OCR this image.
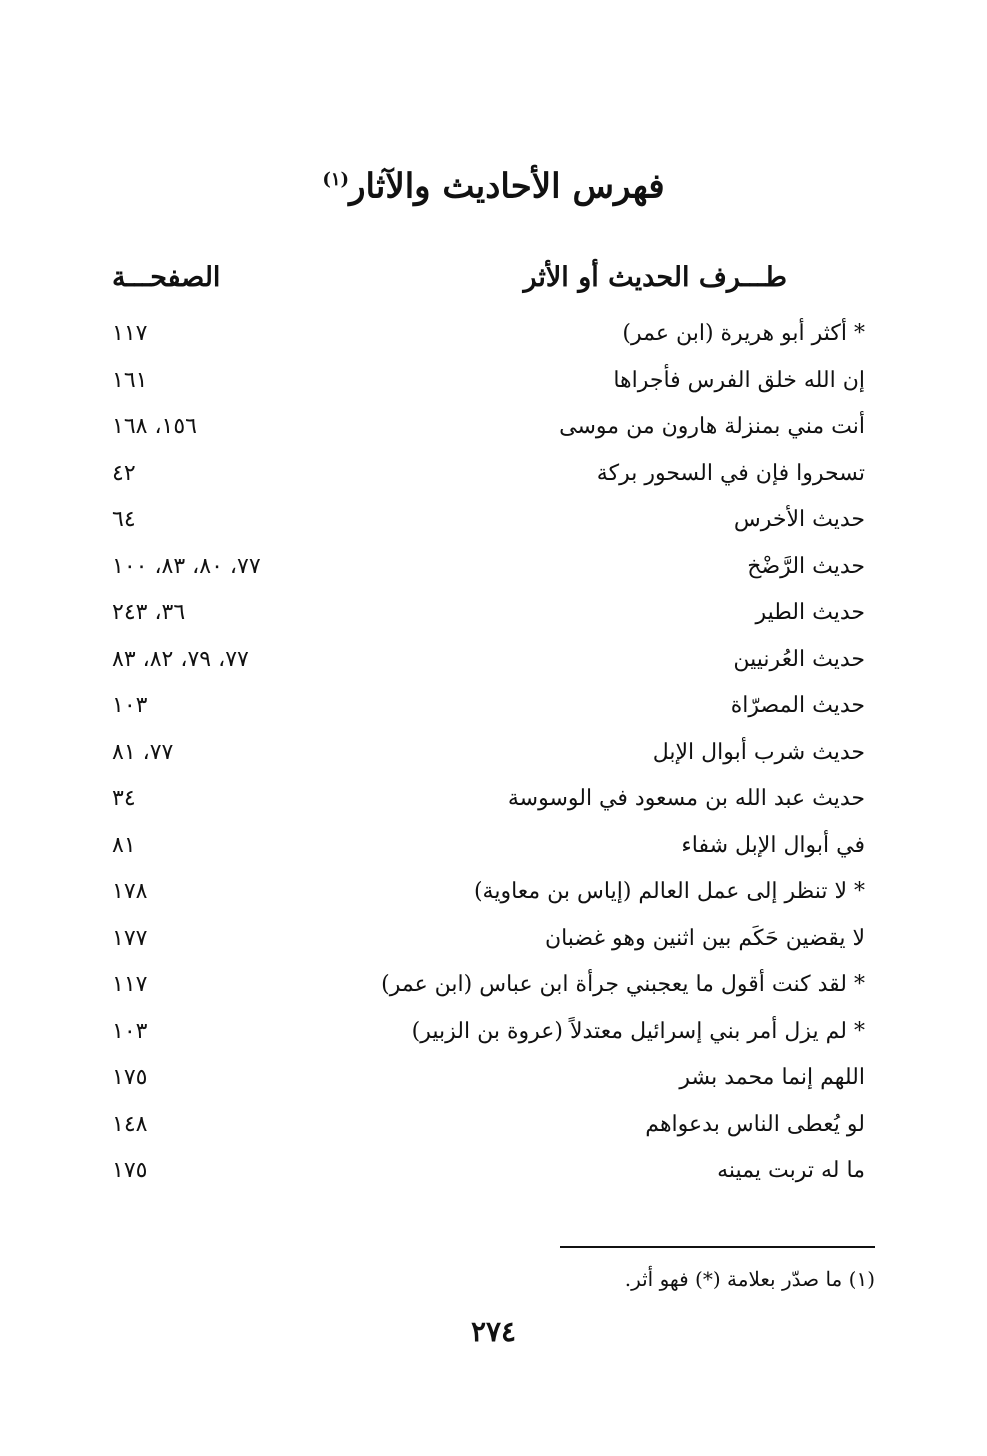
فهرس الأحاديث والآثار$^{(١)}$
طـــرف الحديث أو الأثر
الصفحـــة
* أكثر أبو هريرة (ابن عمر)
١١٧
إن الله خلق الفرس فأجراها
١٦١
أنت مني بمنزلة هارون من موسى
١٥٦، ١٦٨
تسحروا فإن في السحور بركة
٤٢
حديث الأخرس
٦٤
حديث الرَّضْخ
٧٧، ٨٠، ٨٣، ١٠٠
حديث الطير
٣٦، ٢٤٣
حديث العُرنيين
٧٧، ٧٩، ٨٢، ٨٣
حديث المصرّاة
١٠٣
حديث شرب أبوال الإبل
٧٧، ٨١
حديث عبد الله بن مسعود في الوسوسة
٣٤
في أبوال الإبل شفاء
٨١
* لا تنظر إلى عمل العالم (إياس بن معاوية)
١٧٨
لا يقضين حَكَم بين اثنين وهو غضبان
١٧٧
* لقد كنت أقول ما يعجبني جرأة ابن عباس (ابن عمر)
١١٧
* لم يزل أمر بني إسرائيل معتدلاً (عروة بن الزبير)
١٠٣
اللهم إنما محمد بشر
١٧٥
لو يُعطى الناس بدعواهم
١٤٨
ما له تربت يمينه
١٧٥
(١) ما صدّر بعلامة (*) فهو أثر.
٢٧٤
